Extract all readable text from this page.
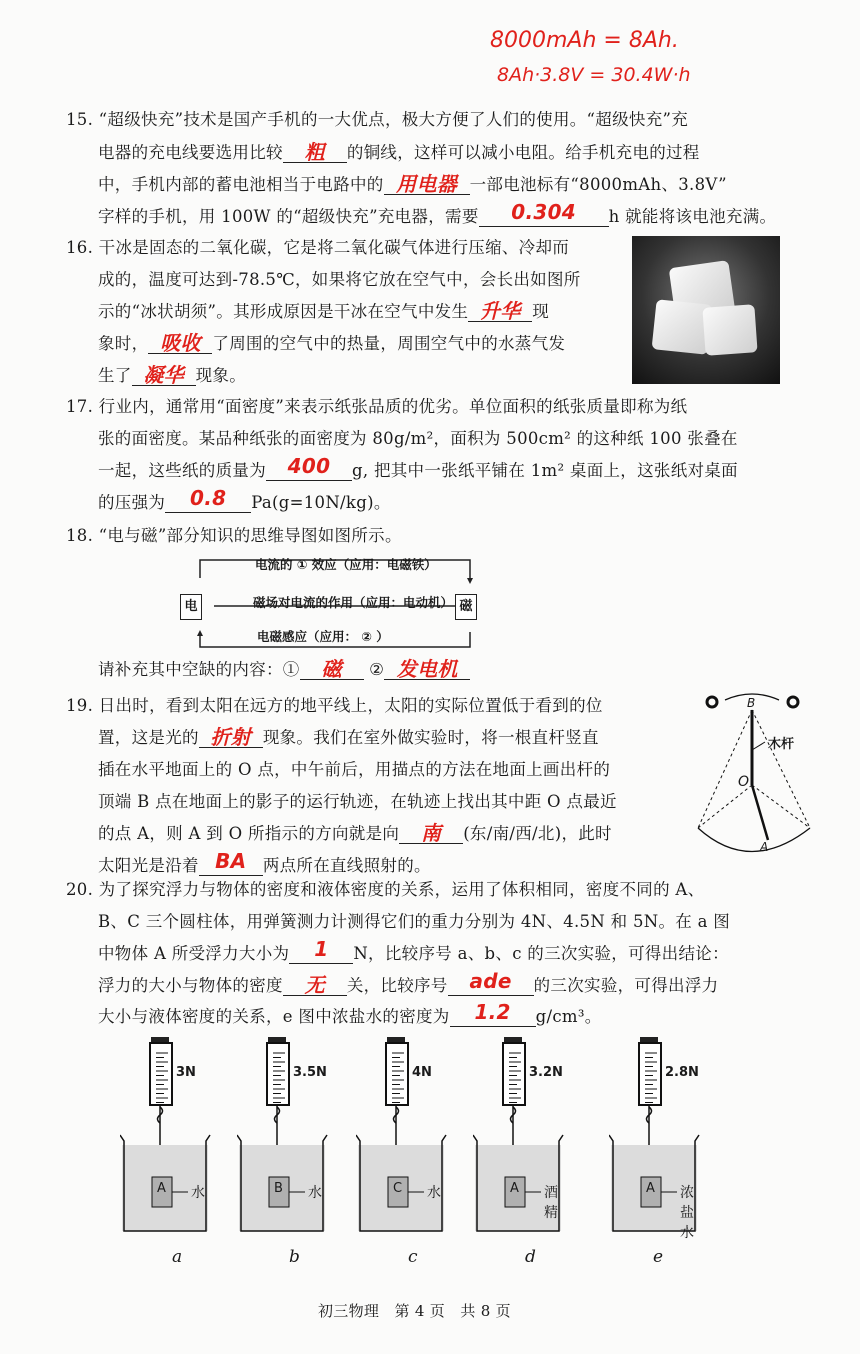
8000mAh = 8Ah.
8Ah·3.8V = 30.4W·h
15. “超级快充”技术是国产手机的一大优点，极大方便了人们的使用。“超级快充”充
电器的充电线要选用比较 粗 的铜线，这样可以减小电阻。给手机充电的过程
中，手机内部的蓄电池相当于电路中的 用电器 一部电池标有“8000mAh、3.8V”
字样的手机，用 100W 的“超级快充”充电器，需要 0.304 h 就能将该电池充满。
16. 干冰是固态的二氧化碳，它是将二氧化碳气体进行压缩、冷却而
成的，温度可达到-78.5℃，如果将它放在空气中，会长出如图所
示的“冰状胡须”。其形成原因是干冰在空气中发生 升华 现
象时， 吸收 了周围的空气中的热量，周围空气中的水蒸气发
生了 凝华 现象。
17. 行业内，通常用“面密度”来表示纸张品质的优劣。单位面积的纸张质量即称为纸
张的面密度。某品种纸张的面密度为 80g/m²，面积为 500cm² 的这种纸 100 张叠在
一起，这些纸的质量为 400 g, 把其中一张纸平铺在 1m² 桌面上，这张纸对桌面
的压强为 0.8 Pa(g=10N/kg)。
18. “电与磁”部分知识的思维导图如图所示。
请补充其中空缺的内容：① 磁 ② 发电机
19. 日出时，看到太阳在远方的地平线上，太阳的实际位置低于看到的位
置，这是光的 折射 现象。我们在室外做实验时，将一根直杆竖直
插在水平地面上的 O 点，中午前后，用描点的方法在地面上画出杆的
顶端 B 点在地面上的影子的运行轨迹，在轨迹上找出其中距 O 点最近
的点 A，则 A 到 O 所指示的方向就是向 南 (东/南/西/北)，此时
太阳光是沿着 BA 两点所在直线照射的。
20. 为了探究浮力与物体的密度和液体密度的关系，运用了体积相同，密度不同的 A、
B、C 三个圆柱体，用弹簧测力计测得它们的重力分别为 4N、4.5N 和 5N。在 a 图
中物体 A 所受浮力大小为 1 N，比较序号 a、b、c 的三次实验，可得出结论：
浮力的大小与物体的密度 无 关，比较序号 ade 的三次实验，可得出浮力
大小与液体密度的关系，e 图中浓盐水的密度为 1.2 g/cm³。
电流的 ① 效应（应用：电磁铁）
磁场对电流的作用（应用：电动机）
电磁感应（应用： ② ）
电	磁
B
O
A
木杆
3N
A 水
a
3.5N
B 水
b
4N
C 水
c
3.2N
A 酒精
d
2.8N
A 浓盐水
e
初三物理　第 4 页　共 8 页
